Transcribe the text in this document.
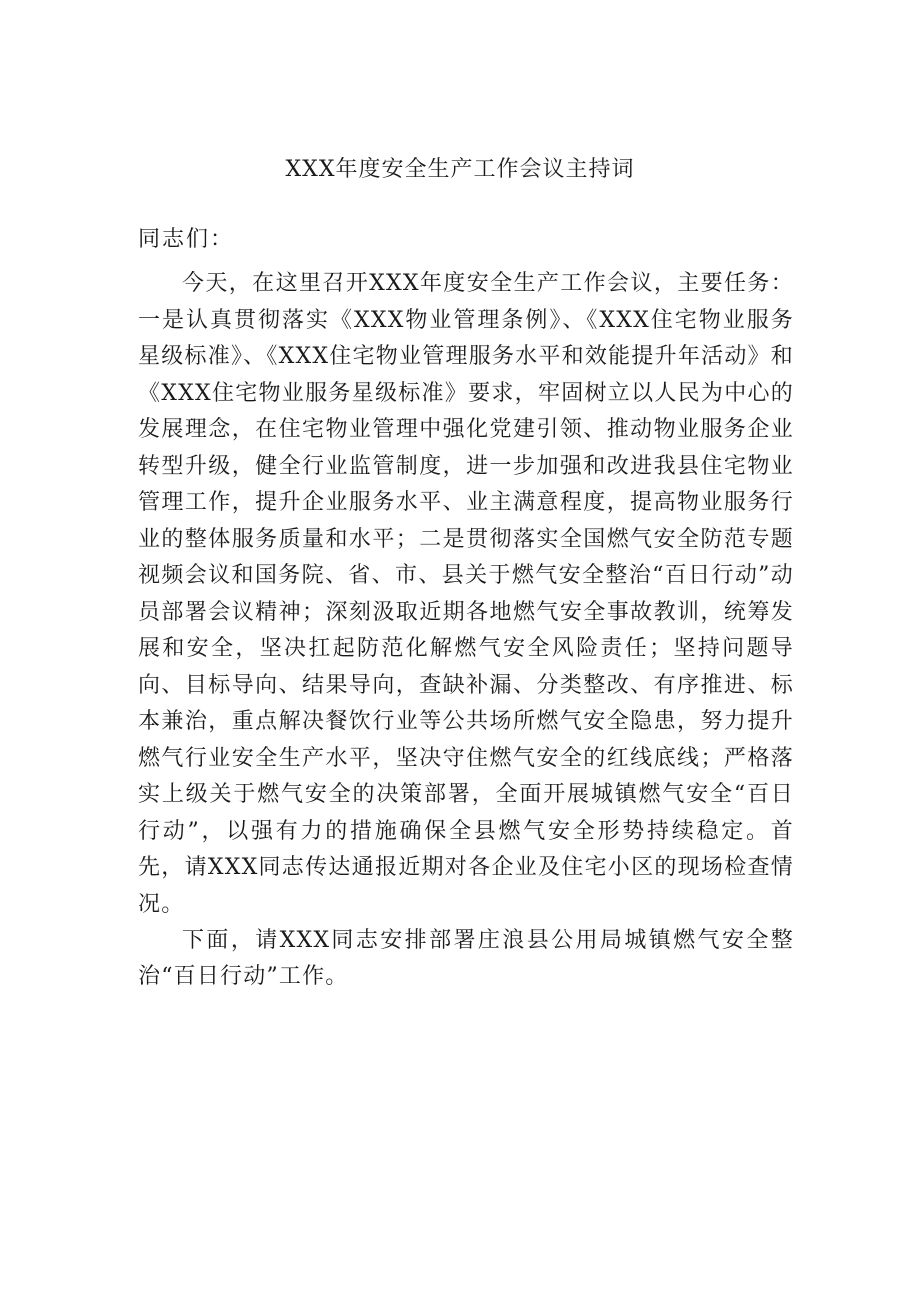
XXX年度安全生产工作会议主持词
同志们：

今天，在这里召开XXX年度安全生产工作会议，主要任务：一是认真贯彻落实《XXX物业管理条例》、《XXX住宅物业服务星级标准》、《XXX住宅物业管理服务水平和效能提升年活动》和《XXX住宅物业服务星级标准》要求，牢固树立以人民为中心的发展理念，在住宅物业管理中强化党建引领、推动物业服务企业转型升级，健全行业监管制度，进一步加强和改进我县住宅物业管理工作，提升企业服务水平、业主满意程度，提高物业服务行业的整体服务质量和水平；二是贯彻落实全国燃气安全防范专题视频会议和国务院、省、市、县关于燃气安全整治“百日行动”动员部署会议精神；深刻汲取近期各地燃气安全事故教训，统筹发展和安全，坚决扛起防范化解燃气安全风险责任；坚持问题导向、目标导向、结果导向，查缺补漏、分类整改、有序推进、标本兼治，重点解决餐饮行业等公共场所燃气安全隐患，努力提升燃气行业安全生产水平，坚决守住燃气安全的红线底线；严格落实上级关于燃气安全的决策部署，全面开展城镇燃气安全“百日行动”，以强有力的措施确保全县燃气安全形势持续稳定。首先，请XXX同志传达通报近期对各企业及住宅小区的现场检查情况。

下面，请XXX同志安排部署庄浪县公用局城镇燃气安全整治“百日行动”工作。
